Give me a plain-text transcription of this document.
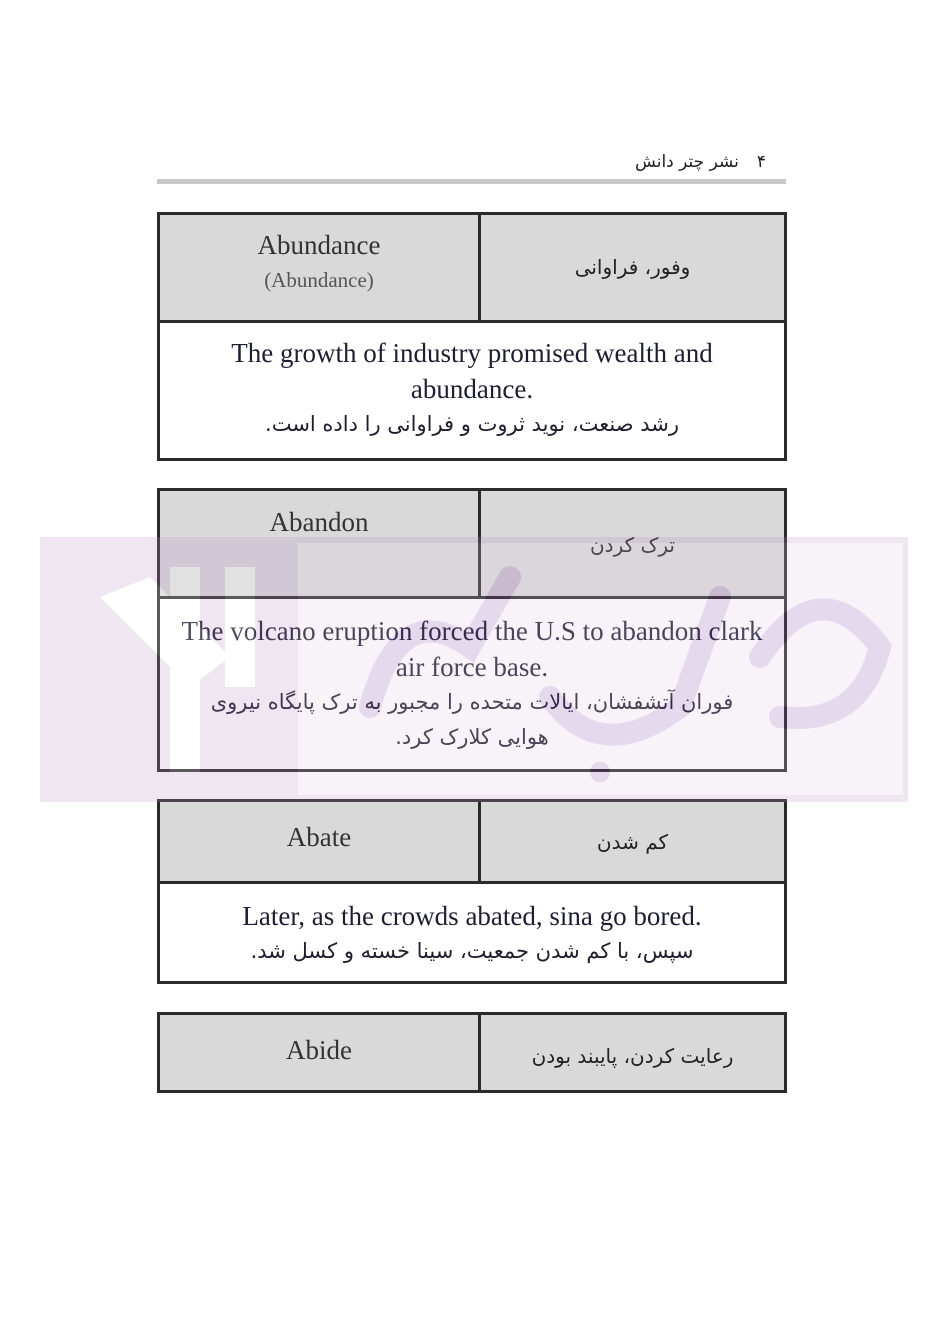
۴نشر چتر دانش
Abundance
(Abundance)
وفور، فراوانی
The growth of industry promised wealth and abundance.
رشد صنعت، نوید ثروت و فراوانی را داده است.
Abandon
ترک کردن
The volcano eruption forced the U.S to abandon clark air force base.
فوران آتشفشان، ایالات متحده را مجبور به ترک پایگاه نیروی هوایی کلارک کرد.
Abate	کم شدن
Later, as the crowds abated, sina go bored.
سپس، با کم شدن جمعیت، سینا خسته و کسل شد.
Abide	رعایت کردن، پایبند بودن
